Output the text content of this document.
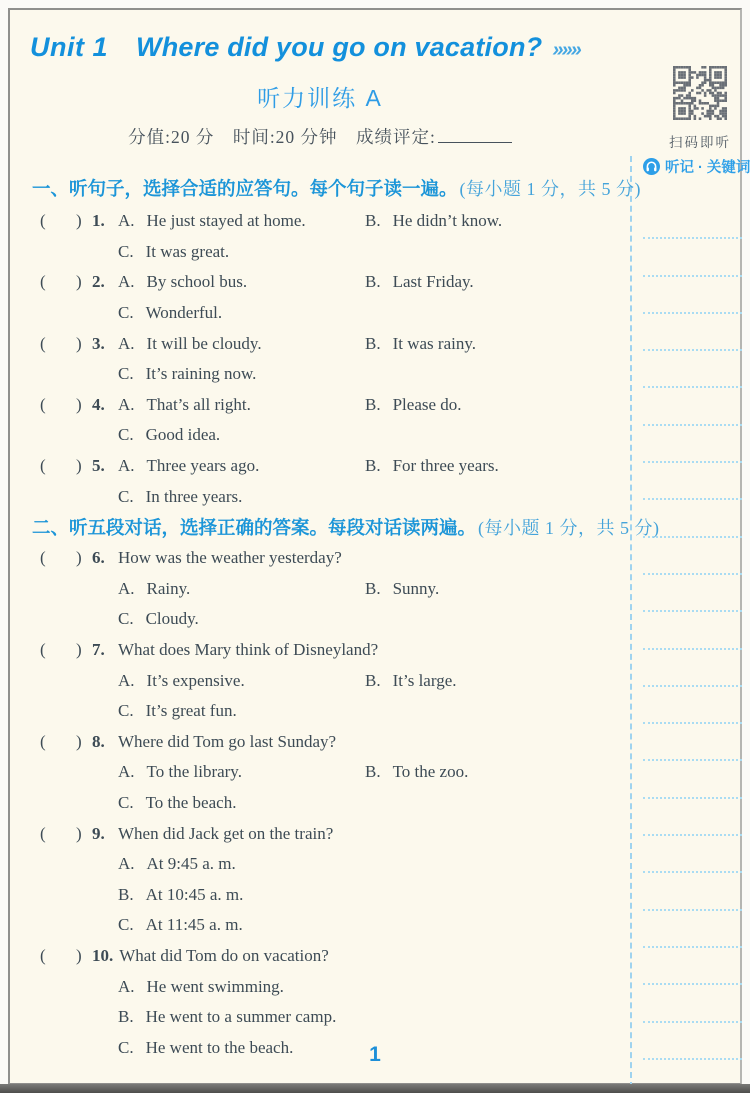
Unit 1 Where did you go on vacation? »»»
听力训练 A
分值:20 分　时间:20 分钟　成绩评定:	扫码即听
听记 · 关键词
一、听句子，选择合适的应答句。每个句子读一遍。 (每小题 1 分，共 5 分)
(	) 1. A. He just stayed at home.	B. He didn’t know.
C. It was great.
(	) 2. A. By school bus.	B. Last Friday.
C. Wonderful.
(	) 3. A. It will be cloudy.	B. It was rainy.
C. It’s raining now.
(	) 4. A. That’s all right.	B. Please do.
C. Good idea.
(	) 5. A. Three years ago.	B. For three years.
C. In three years.
二、听五段对话，选择正确的答案。每段对话读两遍。 (每小题 1 分，共 5 分)
(	) 6. How was the weather yesterday?
A. Rainy.	B. Sunny.
C. Cloudy.
(	) 7. What does Mary think of Disneyland?
A. It’s expensive.	B. It’s large.
C. It’s great fun.
(	) 8. Where did Tom go last Sunday?
A. To the library.	B. To the zoo.
C. To the beach.
(	) 9. When did Jack get on the train?
A. At 9:45 a. m.
B. At 10:45 a. m.
C. At 11:45 a. m.
(	) 10. What did Tom do on vacation?
A. He went swimming.
B. He went to a summer camp.
C. He went to the beach.	1
